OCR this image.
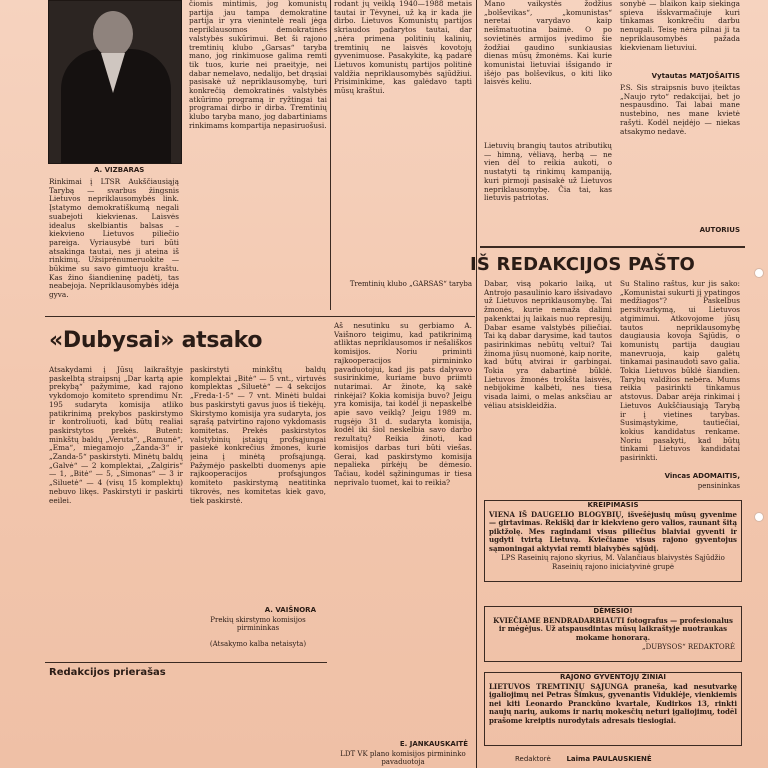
A. VIZBARAS
Rinkimai į LTSR Aukščiausiąją Tarybą — svarbus žingsnis Lietuvos nepriklausomybės link. Įstatymo demokratiškumą negali suabejoti kiekvienas. Laisvės idealus skelbiantis balsas – kiekvieno Lietuvos piliečio pareiga. Vyriausybė turi būti atsakinga tautai, nes ji ateina iš rinkimų. Užsiprėnumeruokite — būkime su savo gimtuoju kraštu. Kas žino šiandieninę padėtį, tas neabejoja. Nepriklausomybės idėja gyva.
čiomis mintimis, jog komunistų partija jau tampa demokratine partija ir yra vienintelė reali jėga nepriklausomos demokratinės valstybės sukūrimui. Bet ši rajono tremtinių klubo „Garsas“ taryba mano, jog rinkimuose galima remti tik tuos, kurie nei praeityje, nei dabar nemelavo, nedalijo, bet drąsiai pasisakė už nepriklausomybę, turi konkrečią demokratinės valstybės atkūrimo programą ir ryžtingai tai programai dirbo ir dirba. Tremtinių klubo taryba mano, jog dabartiniams rinkimams kompartija nepasiruošusi.
rodant jų veiklą 1940—1988 metais tautai ir Tėvynei, už ką ir kada jie dirbo. Lietuvos Komunistų partijos skriaudos padarytos tautai, dar „nėra primena politinių kalinių, tremtinių ne laisvės kovotojų gyvenimuose. Pasakykite, ką padarė Lietuvos komunistų partijos politinė valdžia nepriklausomybės sąjūdžiui. Prisiminkime, kas galėdavo tapti mūsų kraštui.
Tremtinių klubo „GARSAS“ taryba
Mano vaikystės žodžius „bolševikas“, „komunistas“ neretai varydavo kaip neišmatuotina baimė. O po sovietinės armijos įvedimo šie žodžiai gaudino sunkiausias dienas mūsų žmonėms. Kai kurie komunistai lietuviai išsigando ir išėjo pas bolševikus, o kiti liko laisvės keliu.
Lietuvių brangių tautos atributikų — himną, vėliavą, herbą — ne vien dėl to reikia aukoti, o nustatyti tą rinkimų kampaniją, kuri pirmoji pasisakė už Lietuvos nepriklausomybę. Čia tai, kas lietuvis patriotas.
sonybė — blaikon kaip siekinga spieva išskvarmačiuje kuri tinkamas konkrečiu darbu nenugali. Teisę nėra pilnai ji ta nepriklausomybės pažada kiekvienam lietuviui.
Vytautas MATJOŠAITIS
P.S. Sis straipsnis buvo įteiktas „Naujo ryto“ redakcijai, bet jo nespausdino. Tai labai mane nustebino, nes mane kvietė rašyti. Kodėl neįdėjo — niekas atsakymo nedavė.
AUTORIUS
IŠ REDAKCIJOS PAŠTO
Dabar, visą pokario laiką, ut Antrojo pasaulinio karo išsivadavo už Lietuvos nepriklausomybę. Tai žmonės, kurie nemaža dalimi pakenktai jų laikais nuo represijų. Dabar esame valstybės piliečiai. Tai ką dabar darysime, kad tautos pasirinkimas nebūtų veltui? Tai žinoma jūsų nuomonė, kaip norite, kad būtų atvirai ir garbingai. Tokia yra dabartinė būklė. Lietuvos žmonės trokšta laisvės, nebijokime kalbėti, nes tiesa visada laimi, o melas anksčiau ar vėliau atsiskleidžia.
Su Stalino raštus, kur jis sako: „Komunistai sukurti jį ypatingos medžiagos“? Paskelbus persitvarkymą, ui Lietuvos atgimimui. Atkovojome jūsų tautos nepriklausomybę daugiausia kovoja Sąjūdis, o komunistų partija daugiau manevruoja, kaip galėtų tinkamai pasinaudoti savo galia. Tokia Lietuvos būklė šiandien. Tarybų valdžios nebėra. Mums reikia pasirinkti tinkamus atstovus. Dabar arėja rinkimai į Lietuvos Aukščiausiąją Tarybą ir į vietines tarybas. Susimąstykime, tautiečiai, kokius kandidatus renkame. Noriu pasakyti, kad būtų tinkami Lietuvos kandidatai pasirinkti.
Vincas ADOMAITIS,
pensininkas
KREIPIMASIS
VIENA IŠ DAUGELIO BLOGYBIŲ, išvešėjusių mūsų gyvenime — girtavimas. Rekiškį dar ir kiekvieno gero valios, raunant šitą piktžolę. Mes ragindami visus piliečius blaiviai gyventi ir ugdyti tvirtą Lietuvą. Kviečiame visus rajono gyventojus sąmoningai aktyviai remti blaivybės sąjūdį.
LPS Raseinių rajono skyrius, M. Valančiaus blaivystės Sąjūdžio Raseinių rajono iniciatyvinė grupė
DĖMESIO!
KVIEČIAME BENDRADARBIAUTI fotografus — profesionalus ir mėgėjus. Už atspausdintas mūsų laikraštyje nuotraukas mokame honorarą.
„DUBYSOS“ REDAKTORĖ
RAJONO GYVENTOJŲ ŽINIAI
LIETUVOS TREMTINIŲ SĄJUNGA praneša, kad nesutvarkę įgaliojimų nei Petras Šimkus, gyvenantis Viduklėje, vienkiemis nei kiti Leonardo Pranckūno kvartale, Kudirkos 13, rinkti naujų narių, aukoms ir narių mokesčių neturi įgaliojimų, todėl prašome kreiptis nurodytais adresais tiesiogiai.
Redaktorė Laima PAULAUSKIENĖ
«Dubysai» atsako
Atsakydami į Jūsų laikraštyje paskelbtą straipsnį „Dar kartą apie prekybą“ pažymime, kad rajono vykdomojo komiteto sprendimu Nr. 195 sudaryta komisija atliko patikrinimą prekybos paskirstymo ir kontroliuoti, kad būtų realiai paskirstytos prekės. Butent: minkštų baldų „Veruta“, „Ramunė“, „Ema“, miegamojo „Zanda-3“ ir „Zanda-5“ paskirstyti. Minėtų baldų „Galvė“ — 2 komplektai, „Zalgiris“ — 1, „Bitė“ — 5, „Simonas“ — 3 ir „Siluetė“ — 4 (visų 15 komplektų) nebuvo likęs. Paskirstyti ir paskirti eeilei.
paskirstyti minkštų baldų komplektai „Bitė“ — 5 vnt., virtuvės komplektas „Siluetė“ — 4 sekcijos „Freda-1-5“ — 7 vnt. Minėti buldai bus paskirstyti gavus juos iš tiekėjų. Skirstymo komisija yra sudaryta, jos sąrašą patvirtino rajono vykdomasis komitetas. Prekės paskirstytos valstybinių įstaigų profsąjungai pasiekė konkrečius žmones, kurie jeina į minėtą profsąjungą. Pažymėjo paskelbti duomenys apie rajkooperacijos profsąjungos komiteto paskirstymą neatitinka tikrovės, nes komitetas kiek gavo, tiek paskirstė.
A. VAIŠNORA
Prekių skirstymo komisijos pirmininkas
(Atsakymo kalba netaisyta)
Aš nesutinku su gerbiamo A. Vaišnoro teigimu, kad patikrinimą atliktas nepriklausomos ir nešališkos komisijos. Noriu priminti rajkooperacijos pirmininko pavaduotojui, kad jis pats dalyvavo susirinkime, kuriame buvo priimti nutarimai. Ar žinote, ką sakė rinkėjai? Kokia komisija buvo? Jeigu yra komisija, tai kodėl ji nepaskelbė apie savo veiklą? Jeigu 1989 m. rugsėjo 31 d. sudaryta komisija, kodėl iki šiol neskelbia savo darbo rezultatų? Reikia žinoti, kad komisijos darbas turi būti viešas. Gerai, kad paskirstymo komisija nepalieka pirkėjų be dėmesio. Tačiau, kodėl sąžiningumas ir tiesa neprivalo tuomet, kai to reikia?
E. JANKAUSKAITĖ
LDT VK plano komisijos pirmininko pavaduotoja
Redakcijos prierašas
